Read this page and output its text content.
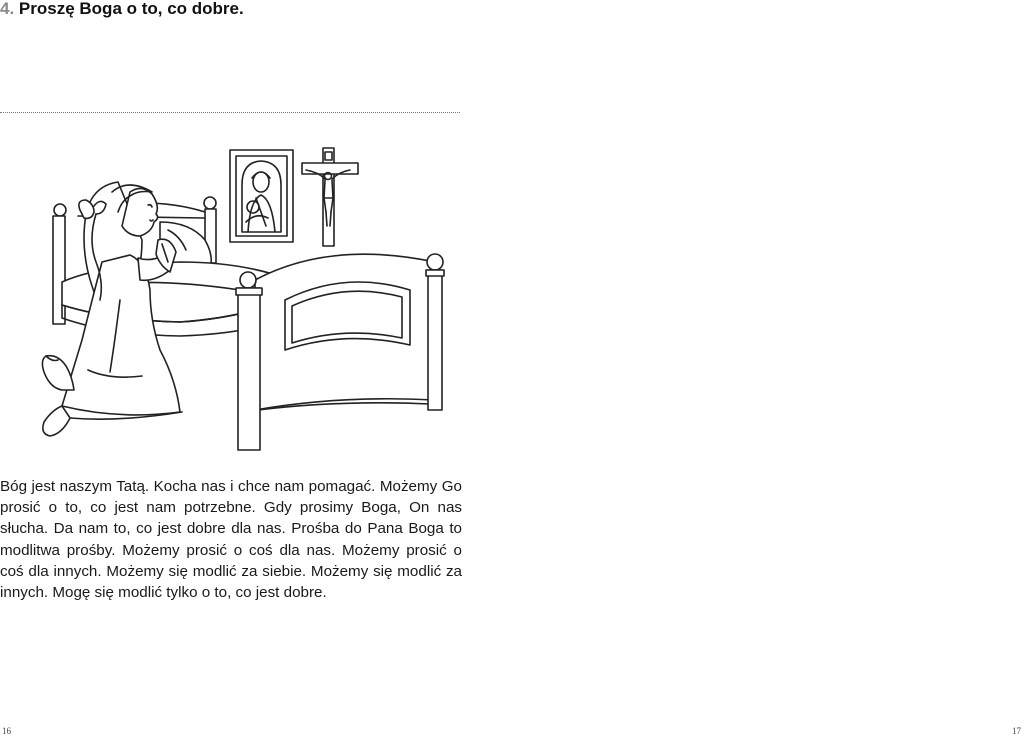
4. Proszę Boga o to, co dobre.

Bóg jest naszym Tatą. Kocha nas i chce nam pomagać. Możemy Go prosić o to, co jest nam potrzebne. Gdy prosimy Boga, On nas słucha. Da nam to, co jest dobre dla nas. Prośba do Pana Boga to modlitwa prośby. Możemy prosić o coś dla nas. Możemy prosić o coś dla innych. Możemy się modlić za siebie. Możemy się modlić za innych. Mogę się modlić tylko o to, co jest dobre.

16	17
